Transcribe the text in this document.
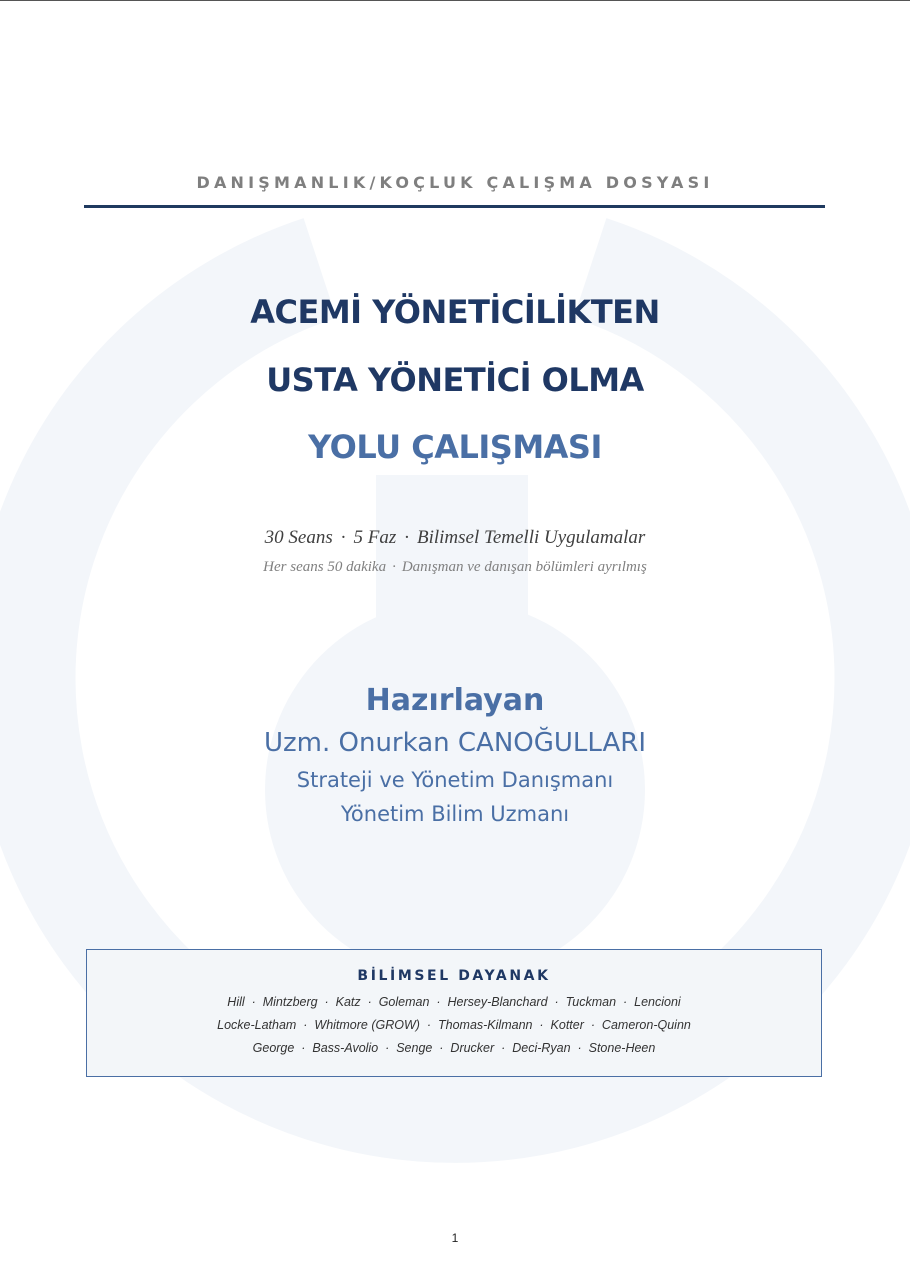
DANIŞMANLIK/KOÇLUK ÇALIŞMA DOSYASI
ACEMİ YÖNETİCİLİKTEN
USTA YÖNETİCİ OLMA
YOLU ÇALIŞMASI
30 Seans · 5 Faz · Bilimsel Temelli Uygulamalar
Her seans 50 dakika · Danışman ve danışan bölümleri ayrılmış
Hazırlayan
Uzm. Onurkan CANOĞULLARI
Strateji ve Yönetim Danışmanı
Yönetim Bilim Uzmanı
BİLİMSEL DAYANAK
Hill  ·  Mintzberg  ·  Katz  ·  Goleman  ·  Hersey-Blanchard  ·  Tuckman  ·  Lencioni
Locke-Latham  ·  Whitmore (GROW)  ·  Thomas-Kilmann  ·  Kotter  ·  Cameron-Quinn
George  ·  Bass-Avolio  ·  Senge  ·  Drucker  ·  Deci-Ryan  ·  Stone-Heen
1
